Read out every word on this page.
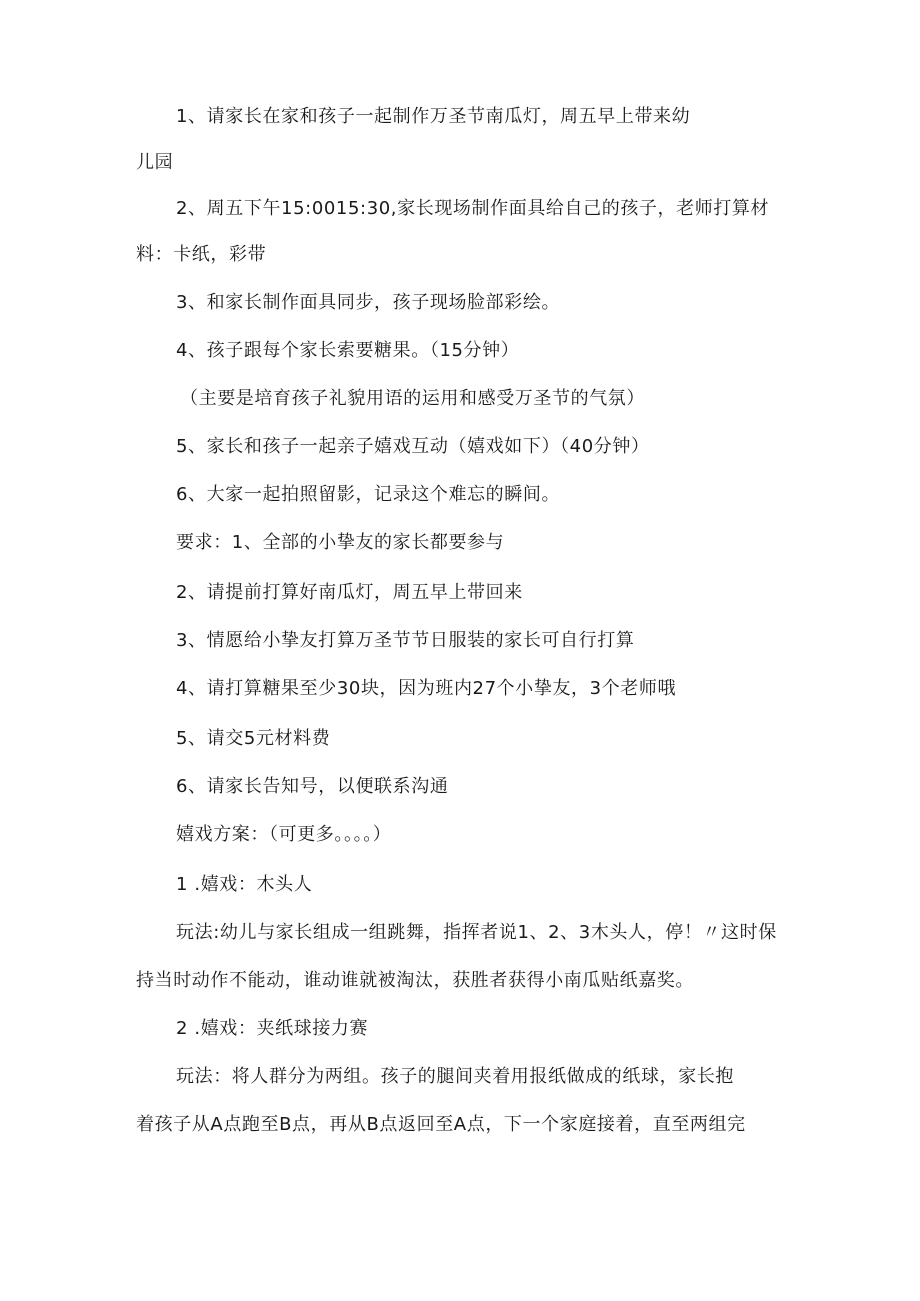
1、请家长在家和孩子一起制作万圣节南瓜灯，周五早上带来幼
儿园
2、周五下午15:0015:30,家长现场制作面具给自己的孩子，老师打算材
料：卡纸，彩带
3、和家长制作面具同步，孩子现场脸部彩绘。
4、孩子跟每个家长索要糖果。（15分钟）
（主要是培育孩子礼貌用语的运用和感受万圣节的气氛）
5、家长和孩子一起亲子嬉戏互动（嬉戏如下）（40分钟）
6、大家一起拍照留影，记录这个难忘的瞬间。
要求：1、全部的小挚友的家长都要参与
2、请提前打算好南瓜灯，周五早上带回来
3、情愿给小挚友打算万圣节节日服装的家长可自行打算
4、请打算糖果至少30块，因为班内27个小挚友，3个老师哦
5、请交5元材料费
6、请家长告知号，以便联系沟通
嬉戏方案：（可更多。。。。）
1 .嬉戏：木头人
玩法:幼儿与家长组成一组跳舞，指挥者说1、2、3木头人，停！〃这时保
持当时动作不能动，谁动谁就被淘汰，获胜者获得小南瓜贴纸嘉奖。
2 .嬉戏：夹纸球接力赛
玩法：将人群分为两组。孩子的腿间夹着用报纸做成的纸球，家长抱
着孩子从A点跑至B点，再从B点返回至A点，下一个家庭接着，直至两组完
